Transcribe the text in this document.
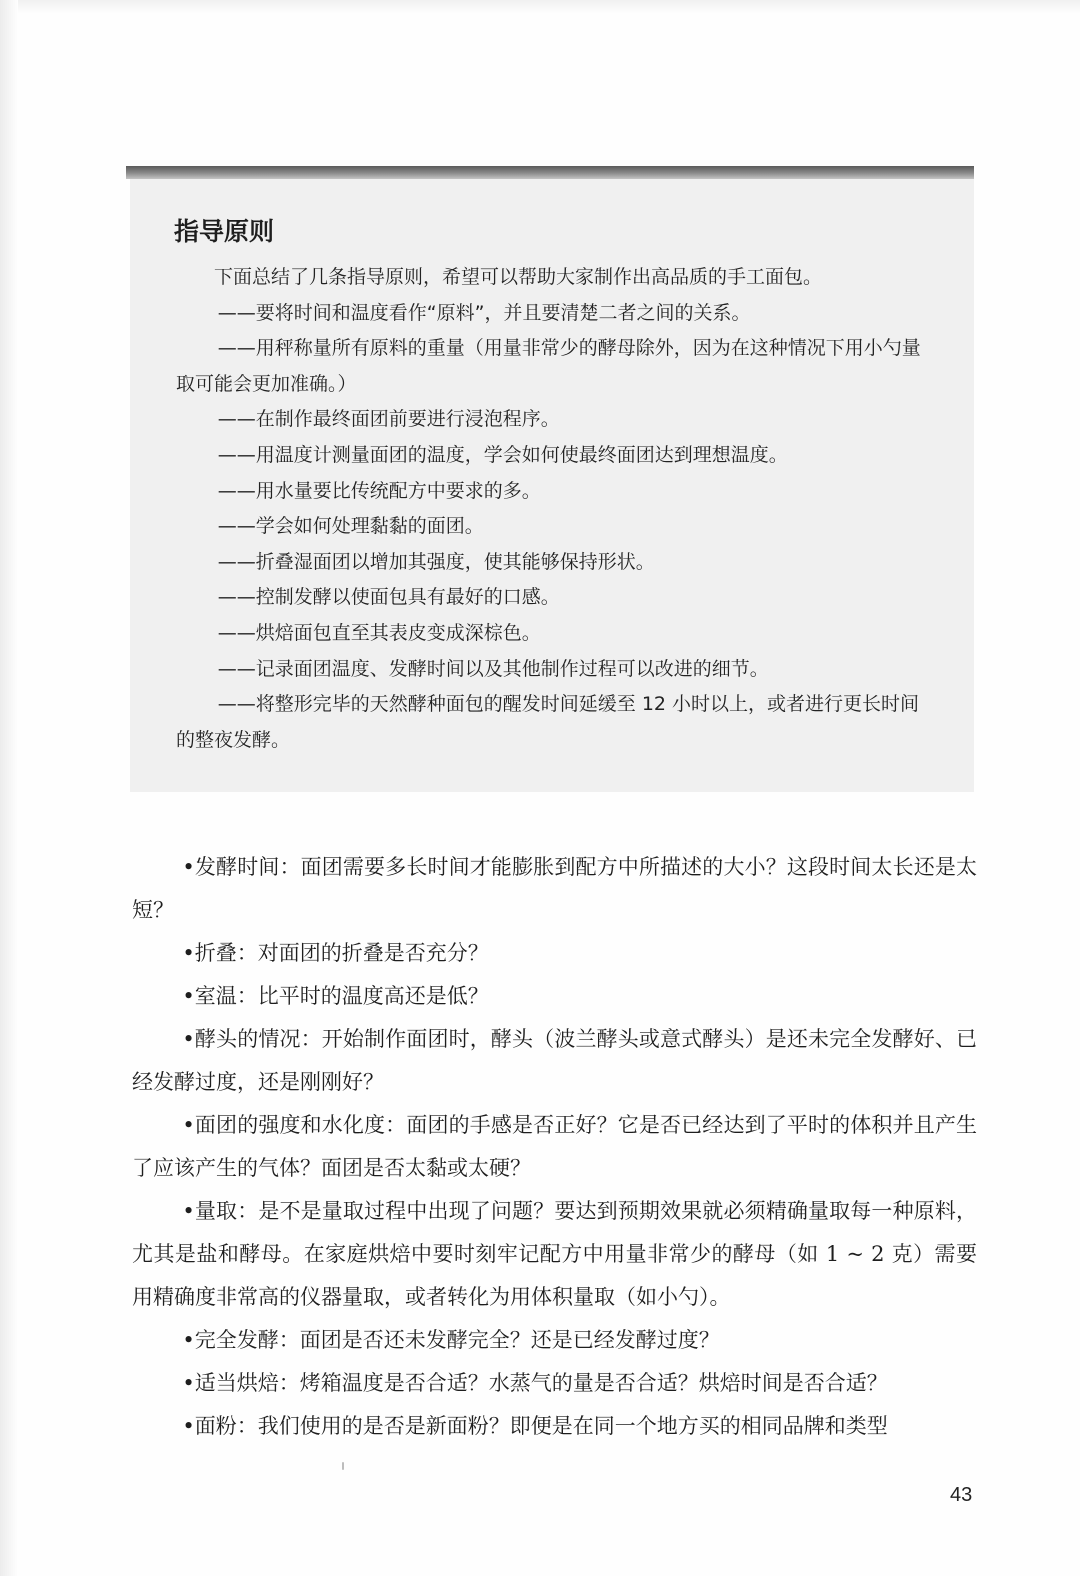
指导原则

下面总结了几条指导原则，希望可以帮助大家制作出高品质的手工面包。

——要将时间和温度看作“原料”，并且要清楚二者之间的关系。

——用秤称量所有原料的重量（用量非常少的酵母除外，因为在这种情况下用小勺量取可能会更加准确。）

——在制作最终面团前要进行浸泡程序。

——用温度计测量面团的温度，学会如何使最终面团达到理想温度。

——用水量要比传统配方中要求的多。

——学会如何处理黏黏的面团。

——折叠湿面团以增加其强度，使其能够保持形状。

——控制发酵以使面包具有最好的口感。

——烘焙面包直至其表皮变成深棕色。

——记录面团温度、发酵时间以及其他制作过程可以改进的细节。

——将整形完毕的天然酵种面包的醒发时间延缓至 12 小时以上，或者进行更长时间的整夜发酵。

•发酵时间：面团需要多长时间才能膨胀到配方中所描述的大小？这段时间太长还是太短？

•折叠：对面团的折叠是否充分？

•室温：比平时的温度高还是低？

•酵头的情况：开始制作面团时，酵头（波兰酵头或意式酵头）是还未完全发酵好、已经发酵过度，还是刚刚好？

•面团的强度和水化度：面团的手感是否正好？它是否已经达到了平时的体积并且产生了应该产生的气体？面团是否太黏或太硬？

•量取：是不是量取过程中出现了问题？要达到预期效果就必须精确量取每一种原料，尤其是盐和酵母。在家庭烘焙中要时刻牢记配方中用量非常少的酵母（如 1 ~ 2 克）需要用精确度非常高的仪器量取，或者转化为用体积量取（如小勺）。

•完全发酵：面团是否还未发酵完全？还是已经发酵过度？

•适当烘焙：烤箱温度是否合适？水蒸气的量是否合适？烘焙时间是否合适？

•面粉：我们使用的是否是新面粉？即便是在同一个地方买的相同品牌和类型

43
